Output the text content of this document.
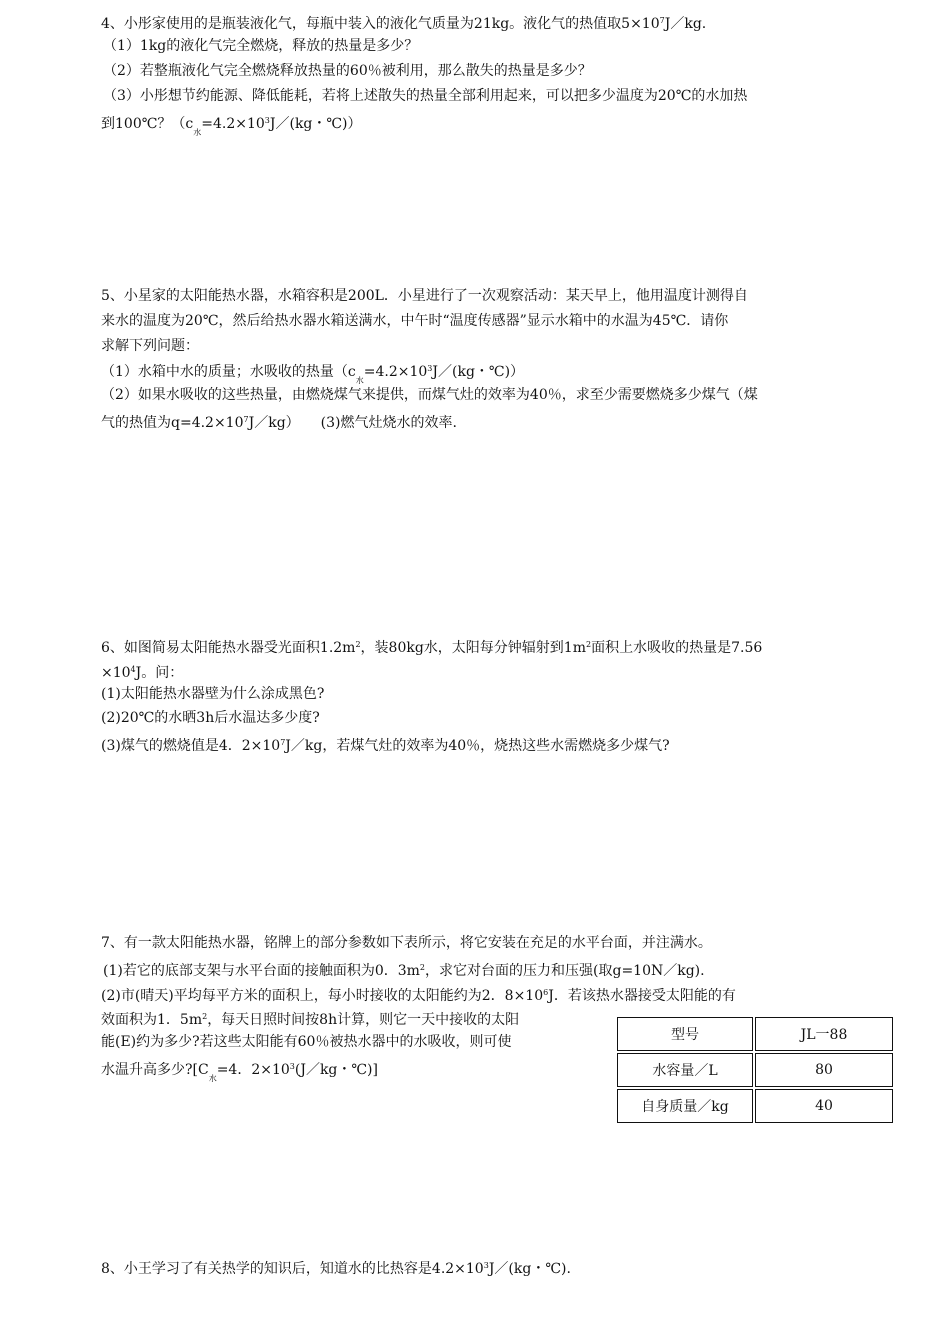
4、小彤家使用的是瓶装液化气，每瓶中装入的液化气质量为21kg。液化气的热值取$5\times 10^7J/kg$.
（1）1kg的液化气完全燃烧，释放的热量是多少？
（2）若整瓶液化气完全燃烧释放热量的60％被利用，那么散失的热量是多少？
（3）小彤想节约能源、降低能耗，若将上述散失的热量全部利用起来，可以把多少温度为20℃的水加热
到100℃？（$c_水=4.2\times 10^3J/(kg$・℃)）
5、小星家的太阳能热水器，水箱容积是200L．小星进行了一次观察活动：某天早上，他用温度计测得自
来水的温度为20℃，然后给热水器水箱送满水，中午时“温度传感器”显示水箱中的水温为45℃．请你
求解下列问题：
（1）水箱中水的质量；水吸收的热量（$c_水=4.2\times 10^3J/(kg$・℃)）
（2）如果水吸收的这些热量，由燃烧煤气来提供，而煤气灶的效率为40％，求至少需要燃烧多少煤气（煤
气的热值为$q=4.2\times 10^7J/kg$）　　(3)燃气灶烧水的效率.
6、如图简易太阳能热水器受光面积$1.2m^2$，装80kg水，太阳每分钟辐射到$1m^2$面积上水吸收的热量是7.56
$\times 10^4J$。问：
(1)太阳能热水器壁为什么涂成黑色?
(2)20℃的水晒3h后水温达多少度?
(3)煤气的燃烧值是4．$2\times 10^7J/kg$，若煤气灶的效率为40％，烧热这些水需燃烧多少煤气?
7、有一款太阳能热水器，铭牌上的部分参数如下表所示，将它安装在充足的水平台面，并注满水。
(1)若它的底部支架与水平台面的接触面积为0．$3m^2$，求它对台面的压力和压强(取g=10N／kg).
(2)市(晴天)平均每平方米的面积上，每小时接收的太阳能约为2．$8\times 10^6J$．若该热水器接受太阳能的有
效面积为1．$5m^2$，每天日照时间按8h计算，则它一天中接收的太阳
能(E)约为多少?若这些太阳能有60％被热水器中的水吸收，则可使
水温升高多少$?[C_水=4$．$2\times 10^3(J/kg$・℃)]
型号	JL一88
水容量／L	80
自身质量／kg	40
8、小王学习了有关热学的知识后，知道水的比热容是$4.2\times 10^3J/(kg$・℃).
